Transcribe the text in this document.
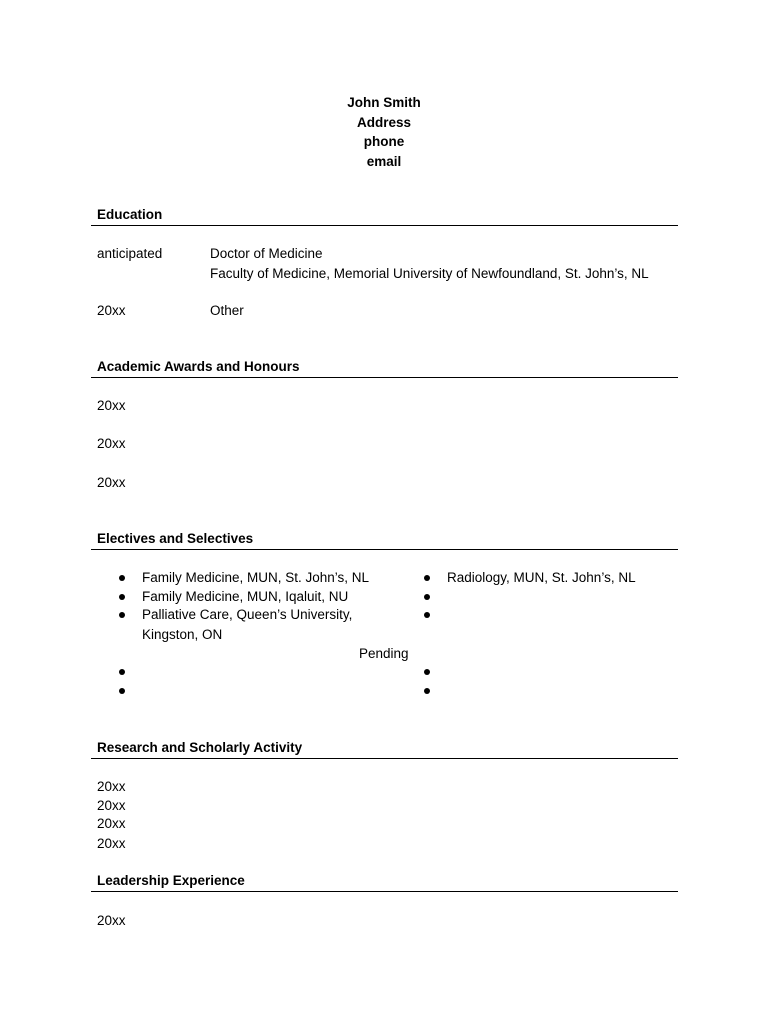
John Smith
Address
phone
email
Education
anticipated	Doctor of Medicine
Faculty of Medicine, Memorial University of Newfoundland, St. John’s, NL
20xx	Other
Academic Awards and Honours
20xx
20xx
20xx
Electives and Selectives
Family Medicine, MUN, St. John’s, NL
Family Medicine, MUN, Iqaluit, NU
Palliative Care, Queen’s University,
Kingston, ON
Pending
Radiology, MUN, St. John’s, NL
Research and Scholarly Activity
20xx
20xx
20xx
20xx
Leadership Experience
20xx
